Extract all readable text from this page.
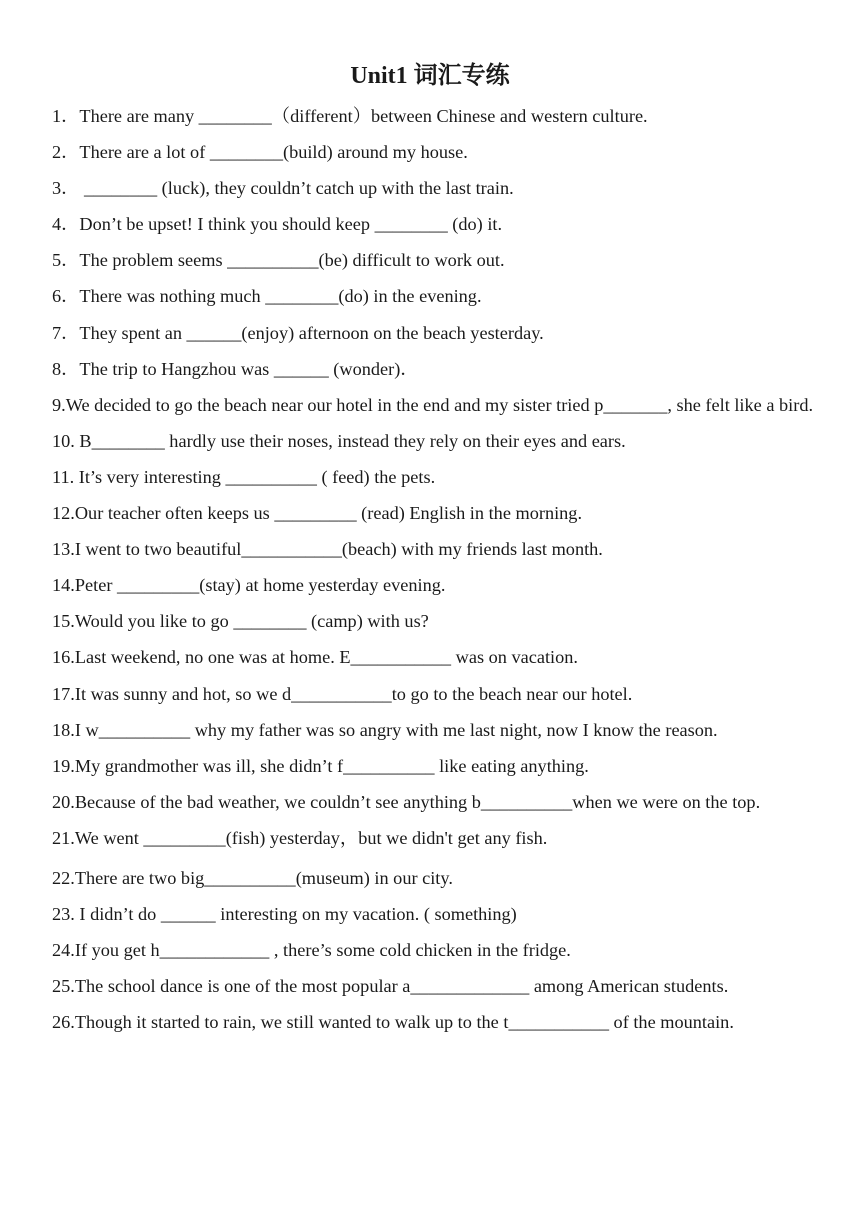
Unit1 词汇专练
1．There are many ________（different）between Chinese and western culture.
2．There are a lot of ________(build) around my house.
3． ________ (luck), they couldn’t catch up with the last train.
4．Don’t be upset! I think you should keep ________ (do) it.
5．The problem seems __________(be) difficult to work out.
6．There was nothing much ________(do) in the evening.
7．They spent an ______(enjoy) afternoon on the beach yesterday.
8．The trip to Hangzhou was ______ (wonder)．
9.We decided to go the beach near our hotel in the end and my sister tried p_______, she felt like a bird.
10. B________ hardly use their noses, instead they rely on their eyes and ears.
11. It’s very interesting __________ ( feed) the pets.
12.Our teacher often keeps us _________ (read) English in the morning.
13.I went to two beautiful___________(beach) with my friends last month.
14.Peter _________(stay) at home yesterday evening.
15.Would you like to go ________ (camp) with us?
16.Last weekend, no one was at home. E___________ was on vacation.
17.It was sunny and hot, so we d___________to go to the beach near our hotel.
18.I w__________ why my father was so angry with me last night, now I know the reason.
19.My grandmother was ill, she didn’t f__________ like eating anything.
20.Because of the bad weather, we couldn’t see anything b__________when we were on the top.
21.We went _________(fish) yesterday，but we didn't get any fish.
22.There are two big__________(museum) in our city.
23. I didn’t do ______ interesting on my vacation. ( something)
24.If you get h____________ , there’s some cold chicken in the fridge.
25.The school dance is one of the most popular a_____________ among American students.
26.Though it started to rain, we still wanted to walk up to the t___________ of the mountain.
